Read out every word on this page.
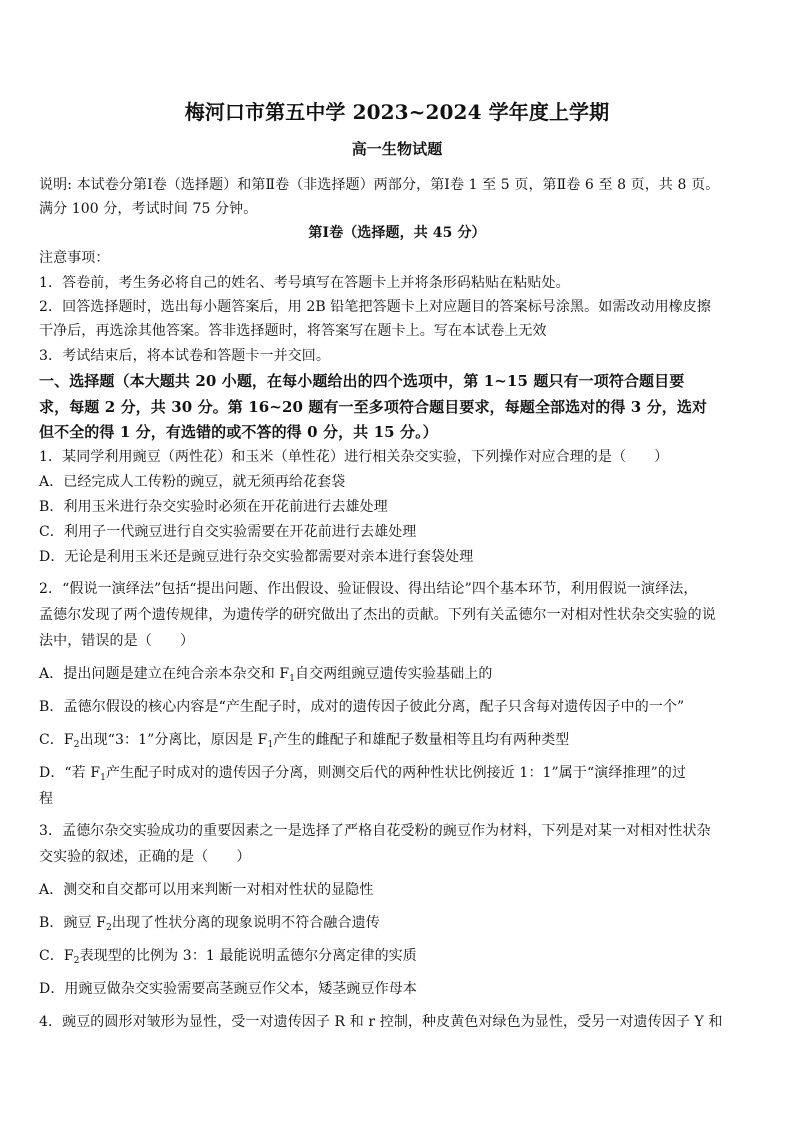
梅河口市第五中学 2023~2024 学年度上学期
高一生物试题
说明: 本试卷分第Ⅰ卷（选择题）和第Ⅱ卷（非选择题）两部分，第Ⅰ卷 1 至 5 页，第Ⅱ卷 6 至 8 页，共 8 页。
满分 100 分，考试时间 75 分钟。
第Ⅰ卷（选择题，共 45 分）
注意事项：
1．答卷前，考生务必将自己的姓名、考号填写在答题卡上并将条形码粘贴在粘贴处。
2．回答选择题时，选出每小题答案后，用 2B 铅笔把答题卡上对应题目的答案标号涂黑。如需改动用橡皮擦
干净后，再选涂其他答案。答非选择题时，将答案写在题卡上。写在本试卷上无效
3．考试结束后，将本试卷和答题卡一并交回。
一、选择题（本大题共 20 小题，在每小题给出的四个选项中，第 1~15 题只有一项符合题目要
求，每题 2 分，共 30 分。第 16~20 题有一至多项符合题目要求，每题全部选对的得 3 分，选对
但不全的得 1 分，有选错的或不答的得 0 分，共 15 分。）
1．某同学利用豌豆（两性花）和玉米（单性花）进行相关杂交实验，下列操作对应合理的是（　　）
A．已经完成人工传粉的豌豆，就无须再给花套袋
B．利用玉米进行杂交实验时必须在开花前进行去雄处理
C．利用子一代豌豆进行自交实验需要在开花前进行去雄处理
D．无论是利用玉米还是豌豆进行杂交实验都需要对亲本进行套袋处理
2．“假说一演绎法”包括“提出问题、作出假设、验证假设、得出结论”四个基本环节，利用假说一演绎法，
孟德尔发现了两个遗传规律，为遗传学的研究做出了杰出的贡献。下列有关孟德尔一对相对性状杂交实验的说
法中，错误的是（　　）
A．提出问题是建立在纯合亲本杂交和 $F_1$自交两组豌豆遗传实验基础上的
B．孟德尔假设的核心内容是“产生配子时，成对的遗传因子彼此分离，配子只含每对遗传因子中的一个”
C．$F_2$出现“3：1”分离比，原因是 $F_1$产生的雌配子和雄配子数量相等且均有两种类型
D．“若 $F_1$产生配子时成对的遗传因子分离，则测交后代的两种性状比例接近 1：1”属于“演绎推理”的过
程
3．孟德尔杂交实验成功的重要因素之一是选择了严格自花受粉的豌豆作为材料，下列是对某一对相对性状杂
交实验的叙述，正确的是（　　）
A．测交和自交都可以用来判断一对相对性状的显隐性
B．豌豆 $F_2$出现了性状分离的现象说明不符合融合遗传
C．$F_2$表现型的比例为 3：1 最能说明孟德尔分离定律的实质
D．用豌豆做杂交实验需要高茎豌豆作父本，矮茎豌豆作母本
4．豌豆的圆形对皱形为显性，受一对遗传因子 R 和 r 控制，种皮黄色对绿色为显性，受另一对遗传因子 Y 和
